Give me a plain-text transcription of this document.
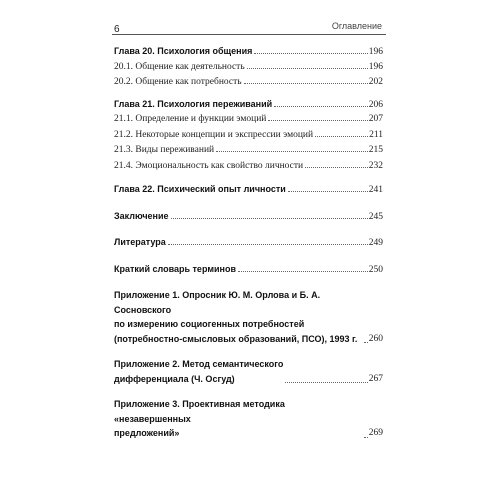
6	Оглавление
Глава 20. Психология общения	196
20.1. Общение как деятельность	196
20.2. Общение как потребность	202
Глава 21. Психология переживаний	206
21.1. Определение и функции эмоций	207
21.2. Некоторые концепции и экспрессии эмоций	211
21.3. Виды переживаний	215
21.4. Эмоциональность как свойство личности	232
Глава 22. Психический опыт личности	241
Заключение	245
Литература	249
Краткий словарь терминов	250
Приложение 1. Опросник Ю. М. Орлова и Б. А. Сосновского
по измерению социогенных потребностей
(потребностно-смысловых образований, ПСО), 1993 г.	260
Приложение 2. Метод семантического
дифференциала (Ч. Осгуд)	267
Приложение 3. Проективная методика «незавершенных
предложений»	269
